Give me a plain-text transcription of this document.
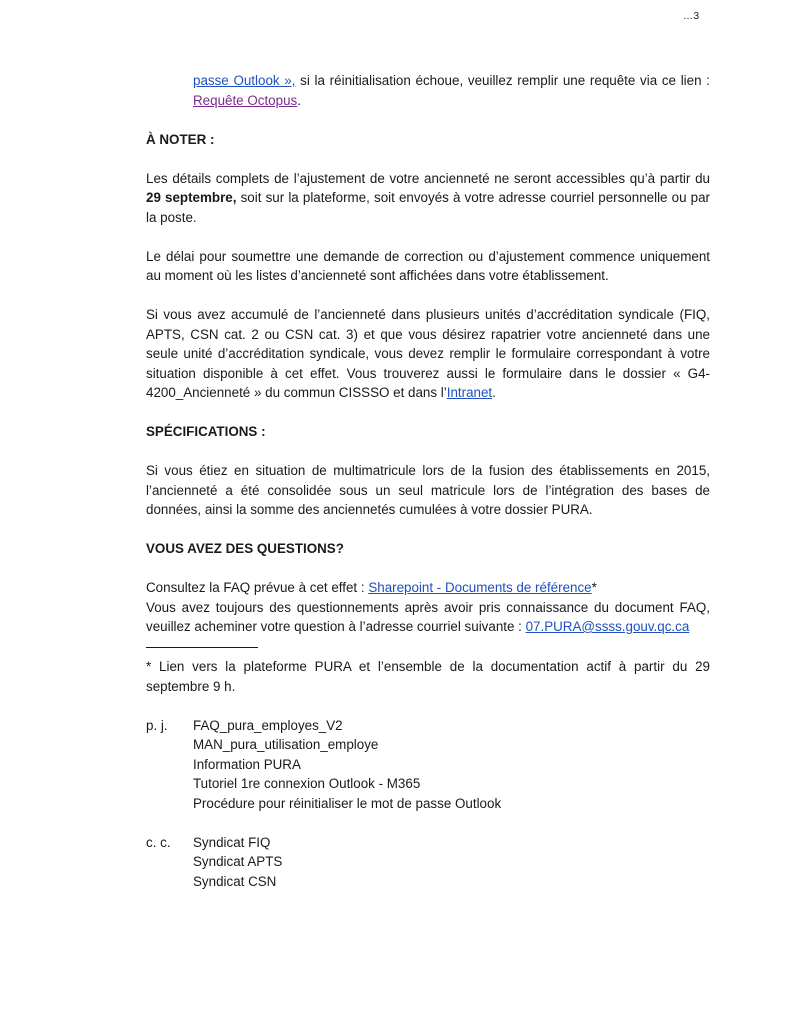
…3

passe Outlook », si la réinitialisation échoue, veuillez remplir une requête via ce lien : Requête Octopus.

À NOTER :

Les détails complets de l’ajustement de votre ancienneté ne seront accessibles qu’à partir du 29 septembre, soit sur la plateforme, soit envoyés à votre adresse courriel personnelle ou par la poste.

Le délai pour soumettre une demande de correction ou d’ajustement commence uniquement au moment où les listes d’ancienneté sont affichées dans votre établissement.

Si vous avez accumulé de l’ancienneté dans plusieurs unités d’accréditation syndicale (FIQ, APTS, CSN cat. 2 ou CSN cat. 3) et que vous désirez rapatrier votre ancienneté dans une seule unité d’accréditation syndicale, vous devez remplir le formulaire correspondant à votre situation disponible à cet effet. Vous trouverez aussi le formulaire dans le dossier « G4-4200_Ancienneté » du commun CISSSO et dans l’Intranet.

SPÉCIFICATIONS :

Si vous étiez en situation de multimatricule lors de la fusion des établissements en 2015, l’ancienneté a été consolidée sous un seul matricule lors de l’intégration des bases de données, ainsi la somme des anciennetés cumulées à votre dossier PURA.

VOUS AVEZ DES QUESTIONS?

Consultez la FAQ prévue à cet effet : Sharepoint - Documents de référence*

Vous avez toujours des questionnements après avoir pris connaissance du document FAQ, veuillez acheminer votre question à l’adresse courriel suivante : 07.PURA@ssss.gouv.qc.ca

* Lien vers la plateforme PURA et l’ensemble de la documentation actif à partir du 29 septembre 9 h.

p. j.	FAQ_pura_employes_V2
MAN_pura_utilisation_employe
Information PURA
Tutoriel 1re connexion Outlook - M365
Procédure pour réinitialiser le mot de passe Outlook
c. c.	Syndicat FIQ
Syndicat APTS
Syndicat CSN
